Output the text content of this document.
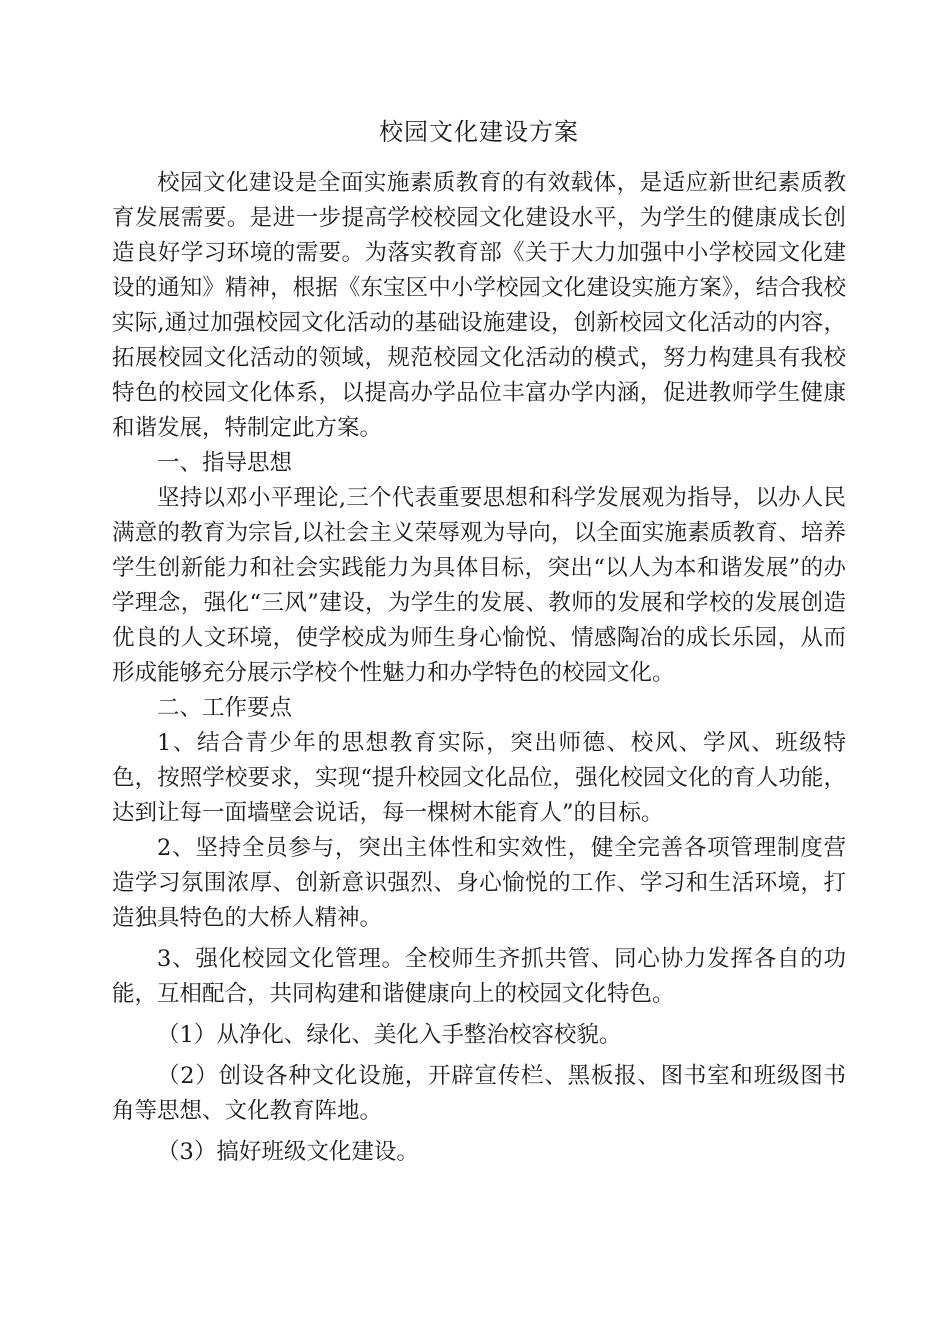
校园文化建设方案

校园文化建设是全面实施素质教育的有效载体，是适应新世纪素质教育发展需要。是进一步提高学校校园文化建设水平，为学生的健康成长创造良好学习环境的需要。为落实教育部《关于大力加强中小学校园文化建设的通知》精神，根据《东宝区中小学校园文化建设实施方案》，结合我校实际,通过加强校园文化活动的基础设施建设，创新校园文化活动的内容，拓展校园文化活动的领域，规范校园文化活动的模式，努力构建具有我校特色的校园文化体系，以提高办学品位丰富办学内涵，促进教师学生健康和谐发展，特制定此方案。

一、指导思想

坚持以邓小平理论,三个代表重要思想和科学发展观为指导，以办人民满意的教育为宗旨,以社会主义荣辱观为导向，以全面实施素质教育、培养学生创新能力和社会实践能力为具体目标，突出“以人为本和谐发展”的办学理念，强化“三风”建设，为学生的发展、教师的发展和学校的发展创造优良的人文环境，使学校成为师生身心愉悦、情感陶冶的成长乐园，从而形成能够充分展示学校个性魅力和办学特色的校园文化。

二、工作要点

1、结合青少年的思想教育实际，突出师德、校风、学风、班级特色，按照学校要求，实现“提升校园文化品位，强化校园文化的育人功能，达到让每一面墙壁会说话，每一棵树木能育人”的目标。

2、坚持全员参与，突出主体性和实效性，健全完善各项管理制度营造学习氛围浓厚、创新意识强烈、身心愉悦的工作、学习和生活环境，打造独具特色的大桥人精神。

3、强化校园文化管理。全校师生齐抓共管、同心协力发挥各自的功能，互相配合，共同构建和谐健康向上的校园文化特色。

（1）从净化、绿化、美化入手整治校容校貌。

（2）创设各种文化设施，开辟宣传栏、黑板报、图书室和班级图书角等思想、文化教育阵地。

（3）搞好班级文化建设。
